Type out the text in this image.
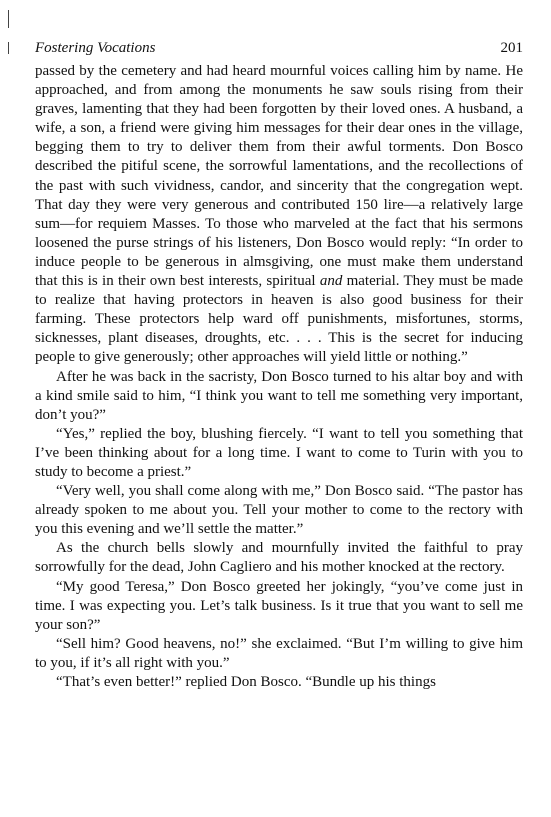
Fostering Vocations	201

passed by the cemetery and had heard mournful voices calling him by name. He approached, and from among the monuments he saw souls rising from their graves, lamenting that they had been forgotten by their loved ones. A husband, a wife, a son, a friend were giving him messages for their dear ones in the village, begging them to try to deliver them from their awful torments. Don Bosco described the pitiful scene, the sorrowful lamentations, and the recollections of the past with such vividness, candor, and sincerity that the congregation wept. That day they were very generous and contributed 150 lire—a relatively large sum—for requiem Masses. To those who marveled at the fact that his sermons loosened the purse strings of his listeners, Don Bosco would reply: “In order to induce people to be generous in almsgiving, one must make them understand that this is in their own best interests, spiritual and material. They must be made to realize that having protectors in heaven is also good business for their farming. These protectors help ward off punishments, misfortunes, storms, sicknesses, plant diseases, droughts, etc. . . . This is the secret for inducing people to give generously; other approaches will yield little or nothing.”

After he was back in the sacristy, Don Bosco turned to his altar boy and with a kind smile said to him, “I think you want to tell me something very important, don’t you?”

“Yes,” replied the boy, blushing fiercely. “I want to tell you something that I’ve been thinking about for a long time. I want to come to Turin with you to study to become a priest.”

“Very well, you shall come along with me,” Don Bosco said. “The pastor has already spoken to me about you. Tell your mother to come to the rectory with you this evening and we’ll settle the matter.”

As the church bells slowly and mournfully invited the faithful to pray sorrowfully for the dead, John Cagliero and his mother knocked at the rectory.

“My good Teresa,” Don Bosco greeted her jokingly, “you’ve come just in time. I was expecting you. Let’s talk business. Is it true that you want to sell me your son?”

“Sell him? Good heavens, no!” she exclaimed. “But I’m willing to give him to you, if it’s all right with you.”

“That’s even better!” replied Don Bosco. “Bundle up his things
